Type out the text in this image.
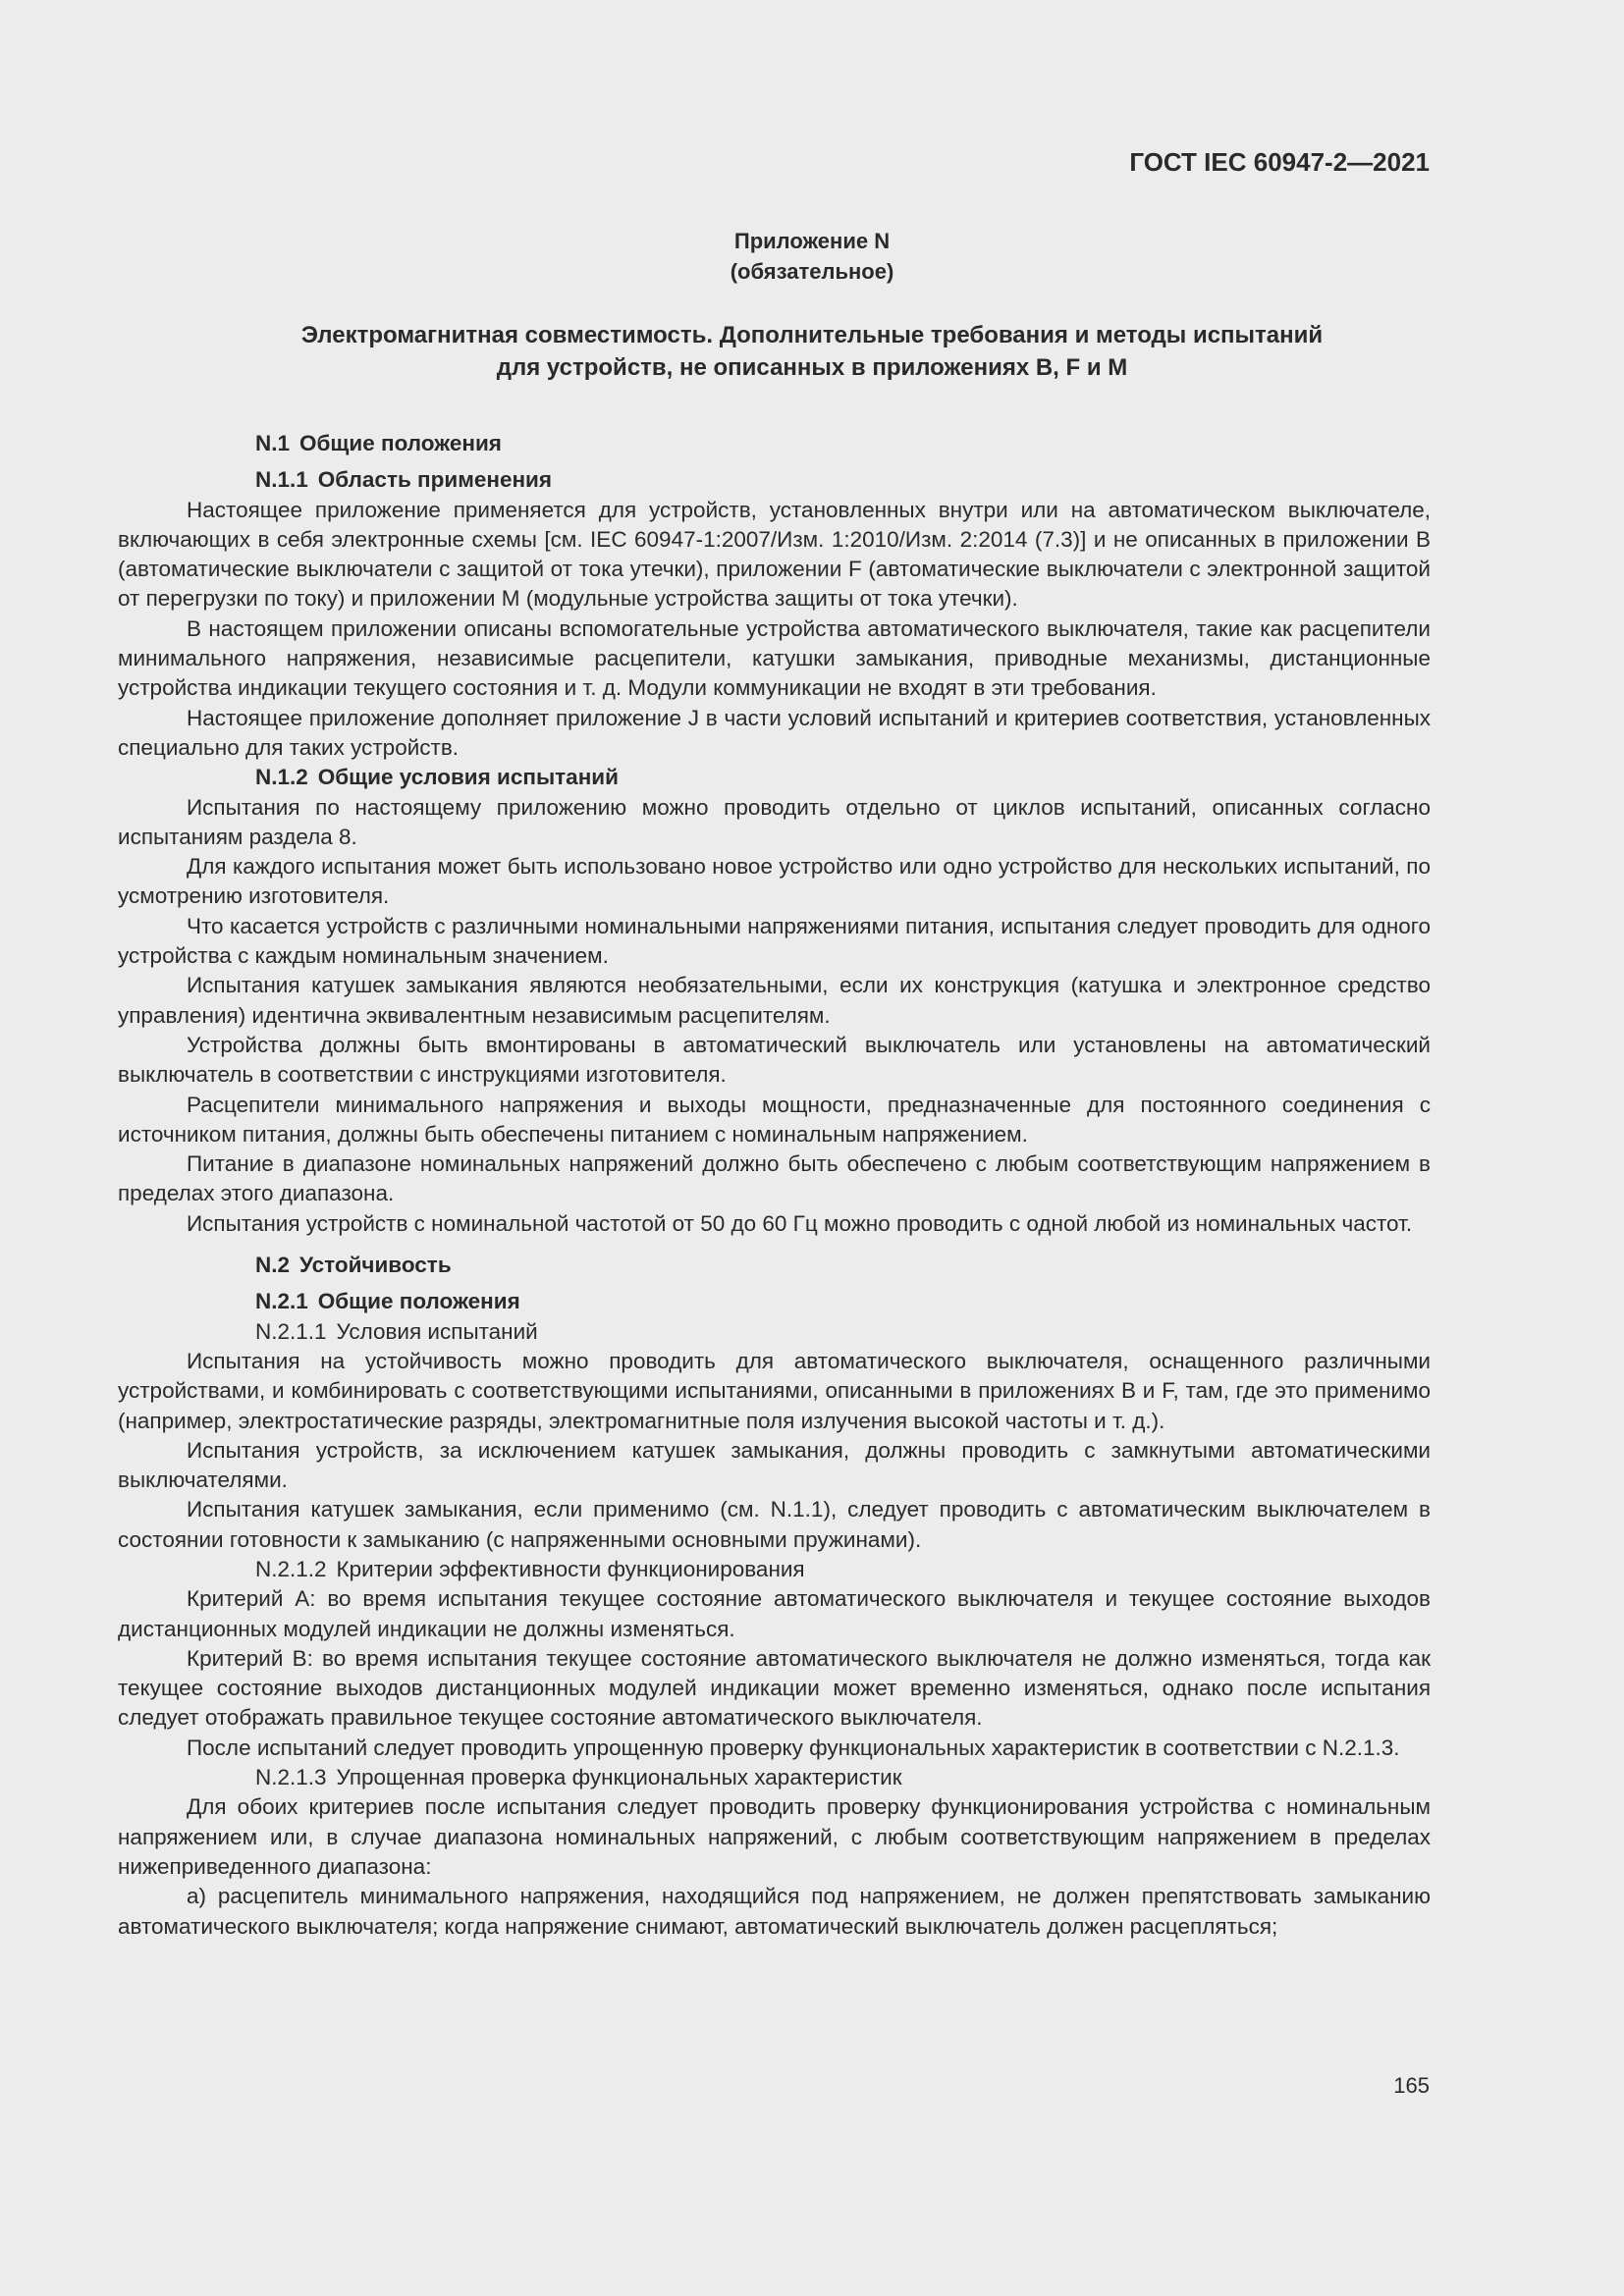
ГОСТ IEC 60947-2—2021

Приложение N
(обязательное)
Электромагнитная совместимость. Дополнительные требования и методы испытаний
для устройств, не описанных в приложениях B, F и M

N.1 Общие положения

N.1.1 Область применения

Настоящее приложение применяется для устройств, установленных внутри или на автоматическом выключателе, включающих в себя электронные схемы [см. IEC 60947-1:2007/Изм. 1:2010/Изм. 2:2014 (7.3)] и не описанных в приложении B (автоматические выключатели с защитой от тока утечки), приложении F (автоматические выключатели с электронной защитой от перегрузки по току) и приложении M (модульные устройства защиты от тока утечки).

В настоящем приложении описаны вспомогательные устройства автоматического выключателя, такие как расцепители минимального напряжения, независимые расцепители, катушки замыкания, приводные механизмы, дистанционные устройства индикации текущего состояния и т. д. Модули коммуникации не входят в эти требования.

Настоящее приложение дополняет приложение J в части условий испытаний и критериев соответствия, установленных специально для таких устройств.

N.1.2 Общие условия испытаний

Испытания по настоящему приложению можно проводить отдельно от циклов испытаний, описанных согласно испытаниям раздела 8.

Для каждого испытания может быть использовано новое устройство или одно устройство для нескольких испытаний, по усмотрению изготовителя.

Что касается устройств с различными номинальными напряжениями питания, испытания следует проводить для одного устройства с каждым номинальным значением.

Испытания катушек замыкания являются необязательными, если их конструкция (катушка и электронное средство управления) идентична эквивалентным независимым расцепителям.

Устройства должны быть вмонтированы в автоматический выключатель или установлены на автоматический выключатель в соответствии с инструкциями изготовителя.

Расцепители минимального напряжения и выходы мощности, предназначенные для постоянного соединения с источником питания, должны быть обеспечены питанием с номинальным напряжением.

Питание в диапазоне номинальных напряжений должно быть обеспечено с любым соответствующим напряжением в пределах этого диапазона.

Испытания устройств с номинальной частотой от 50 до 60 Гц можно проводить с одной любой из номинальных частот.

N.2 Устойчивость

N.2.1 Общие положения

N.2.1.1 Условия испытаний

Испытания на устойчивость можно проводить для автоматического выключателя, оснащенного различными устройствами, и комбинировать с соответствующими испытаниями, описанными в приложениях B и F, там, где это применимо (например, электростатические разряды, электромагнитные поля излучения высокой частоты и т. д.).

Испытания устройств, за исключением катушек замыкания, должны проводить с замкнутыми автоматическими выключателями.

Испытания катушек замыкания, если применимо (см. N.1.1), следует проводить с автоматическим выключателем в состоянии готовности к замыканию (с напряженными основными пружинами).

N.2.1.2 Критерии эффективности функционирования

Критерий A: во время испытания текущее состояние автоматического выключателя и текущее состояние выходов дистанционных модулей индикации не должны изменяться.

Критерий B: во время испытания текущее состояние автоматического выключателя не должно изменяться, тогда как текущее состояние выходов дистанционных модулей индикации может временно изменяться, однако после испытания следует отображать правильное текущее состояние автоматического выключателя.

После испытаний следует проводить упрощенную проверку функциональных характеристик в соответствии с N.2.1.3.

N.2.1.3 Упрощенная проверка функциональных характеристик

Для обоих критериев после испытания следует проводить проверку функционирования устройства с номинальным напряжением или, в случае диапазона номинальных напряжений, с любым соответствующим напряжением в пределах нижеприведенного диапазона:

a) расцепитель минимального напряжения, находящийся под напряжением, не должен препятствовать замыканию автоматического выключателя; когда напряжение снимают, автоматический выключатель должен расцепляться;

165
